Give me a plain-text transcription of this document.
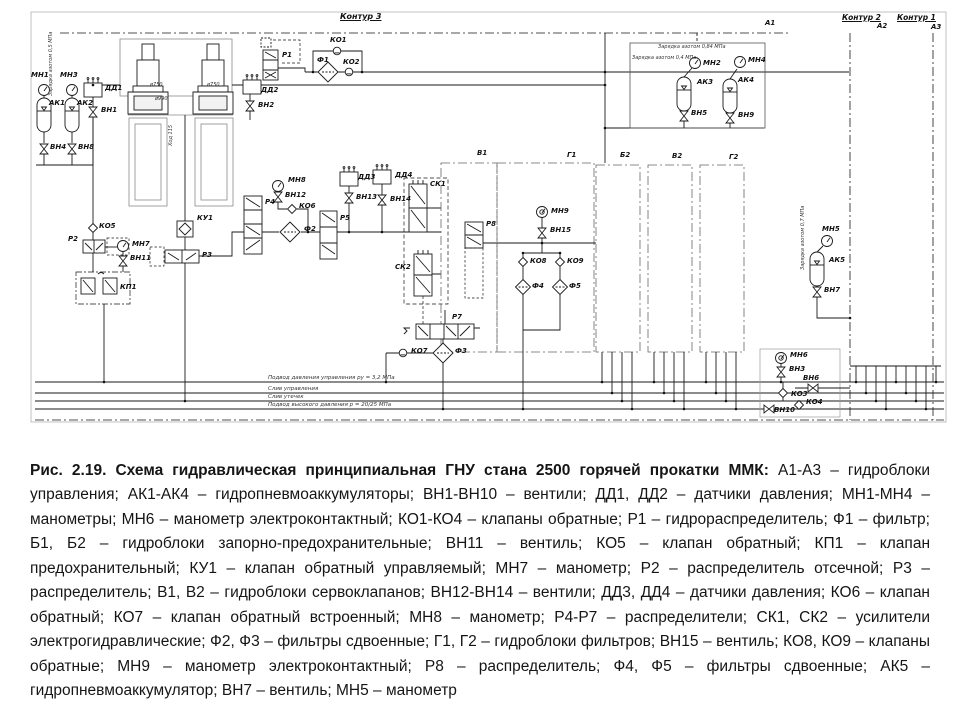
Контур 3
А1
Контур 2
А2
Контур 1
А3
МН1 МН3
АК1 АК2
ВН4 ВН8
ДД1
ВН1
ø750	ø750
ø990
Ход 115
Зарядка азотом 0,5 МПа	Р1
ДД2
ВН2
КО1
Ф1 КО2
Зарядка азотом 0,84 МПа
Зарядка азотом 0,4 МПа
МН2	МН4
АК3	АК4
ВН5	ВН9
КО5
Р2
МН7
ВН11
КП1
КУ1
Р3
МН8
ВН12
КО6
Ф2
Р4
Р5
ДД3
ВН13
ДД4
ВН14
СК1
СК2
В1	Г1	Б2	В2	Г2
Р8
МН9
ВН15
КО8	КО9
Ф4	Ф5
Р7
КО7	Ф3
МН5
АК5
ВН7
Зарядка азотом 0,7 МПа
МН6
ВН3
ВН6
КО3
КО4
ВН10
Подвод давления управления ру = 3,2 МПа
Слив управления
Слив утечек
Подвод высокого давления р = 20/25 МПа

Рис. 2.19. Схема гидравлическая принципиальная ГНУ стана 2500 горячей прокатки ММК: А1-А3 – гидроблоки управления; АК1-АК4 – гидропневмоаккумуляторы; ВН1-ВН10 – вентили; ДД1, ДД2 – датчики давления; МН1-МН4 – манометры; МН6 – манометр электроконтактный; КО1-КО4 – клапаны обратные; Р1 – гидрораспределитель; Ф1 – фильтр; Б1, Б2 – гидроблоки запорно-предохранительные; ВН11 – вентиль; КО5 – клапан обратный; КП1 – клапан предохранительный; КУ1 – клапан обратный управляемый; МН7 – манометр; Р2 – распределитель отсечной; Р3 – распределитель; В1, В2 – гидроблоки сервоклапанов; ВН12-ВН14 – вентили; ДД3, ДД4 – датчики давления; КО6 – клапан обратный; КО7 – клапан обратный встроенный; МН8 – манометр; Р4-Р7 – распределители; СК1, СК2 – усилители электрогидравлические; Ф2, Ф3 – фильтры сдвоенные; Г1, Г2 – гидроблоки фильтров; ВН15 – вентиль; КО8, КО9 – клапаны обратные; МН9 – манометр электроконтактный; Р8 – распределитель; Ф4, Ф5 – фильтры сдвоенные; АК5 – гидропневмоаккумулятор; ВН7 – вентиль; МН5 – манометр
